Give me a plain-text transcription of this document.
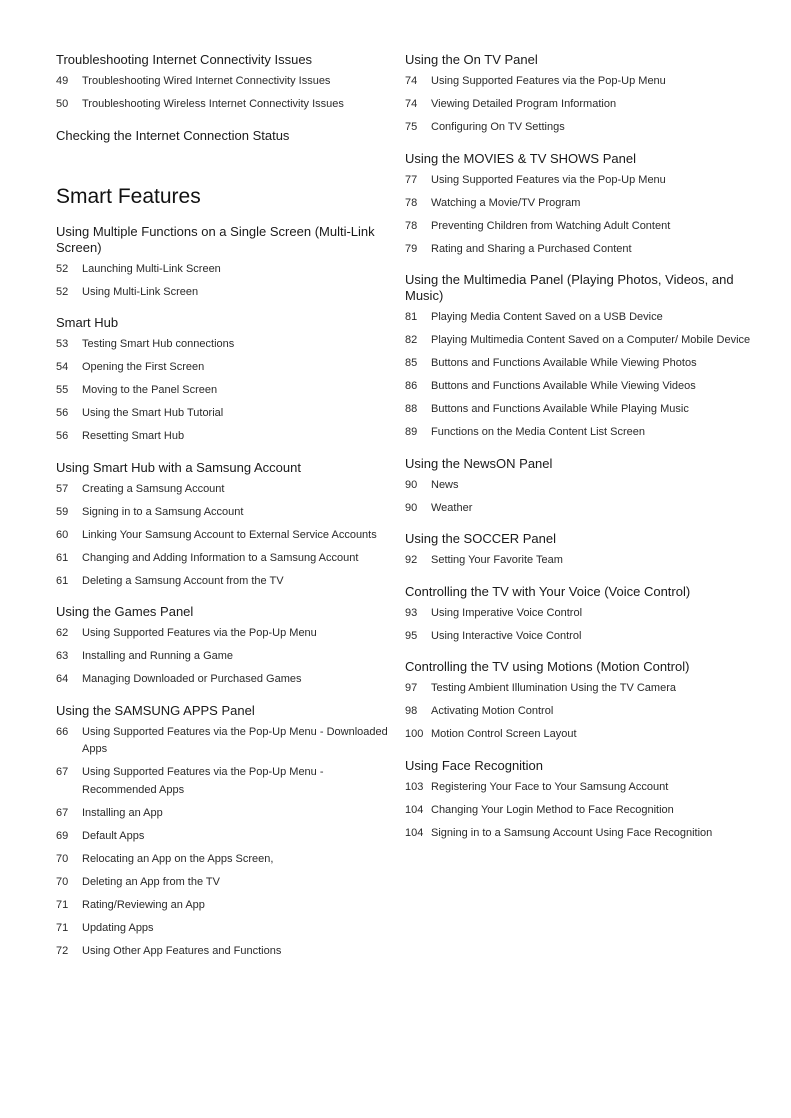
Troubleshooting Internet Connectivity Issues
49	Troubleshooting Wired Internet Connectivity Issues
50	Troubleshooting Wireless Internet Connectivity Issues
Checking the Internet Connection Status
Smart Features
Using Multiple Functions on a Single Screen (Multi-Link Screen)
52	Launching Multi-Link Screen
52	Using Multi-Link Screen
Smart Hub
53	Testing Smart Hub connections
54	Opening the First Screen
55	Moving to the Panel Screen
56	Using the Smart Hub Tutorial
56	Resetting Smart Hub
Using Smart Hub with a Samsung Account
57	Creating a Samsung Account
59	Signing in to a Samsung Account
60	Linking Your Samsung Account to External Service Accounts
61	Changing and Adding Information to a Samsung Account
61	Deleting a Samsung Account from the TV
Using the Games Panel
62	Using Supported Features via the Pop-Up Menu
63	Installing and Running a Game
64	Managing Downloaded or Purchased Games
Using the SAMSUNG APPS Panel
66	Using Supported Features via the Pop-Up Menu - Downloaded Apps
67	Using Supported Features via the Pop-Up Menu - Recommended Apps
67	Installing an App
69	Default Apps
70	Relocating an App on the Apps Screen,
70	Deleting an App from the TV
71	Rating/Reviewing an App
71	Updating Apps
72	Using Other App Features and Functions
Using the On TV Panel
74	Using Supported Features via the Pop-Up Menu
74	Viewing Detailed Program Information
75	Configuring On TV Settings
Using the MOVIES & TV SHOWS Panel
77	Using Supported Features via the Pop-Up Menu
78	Watching a Movie/TV Program
78	Preventing Children from Watching Adult Content
79	Rating and Sharing a Purchased Content
Using the Multimedia Panel (Playing Photos, Videos, and Music)
81	Playing Media Content Saved on a USB Device
82	Playing Multimedia Content Saved on a Computer/ Mobile Device
85	Buttons and Functions Available While Viewing Photos
86	Buttons and Functions Available While Viewing Videos
88	Buttons and Functions Available While Playing Music
89	Functions on the Media Content List Screen
Using the NewsON Panel
90	News
90	Weather
Using the SOCCER Panel
92	Setting Your Favorite Team
Controlling the TV with Your Voice (Voice Control)
93	Using Imperative Voice Control
95	Using Interactive Voice Control
Controlling the TV using Motions (Motion Control)
97	Testing Ambient Illumination Using the TV Camera
98	Activating Motion Control
100 Motion Control Screen Layout
Using Face Recognition
103 Registering Your Face to Your Samsung Account
104 Changing Your Login Method to Face Recognition
104 Signing in to a Samsung Account Using Face Recognition
